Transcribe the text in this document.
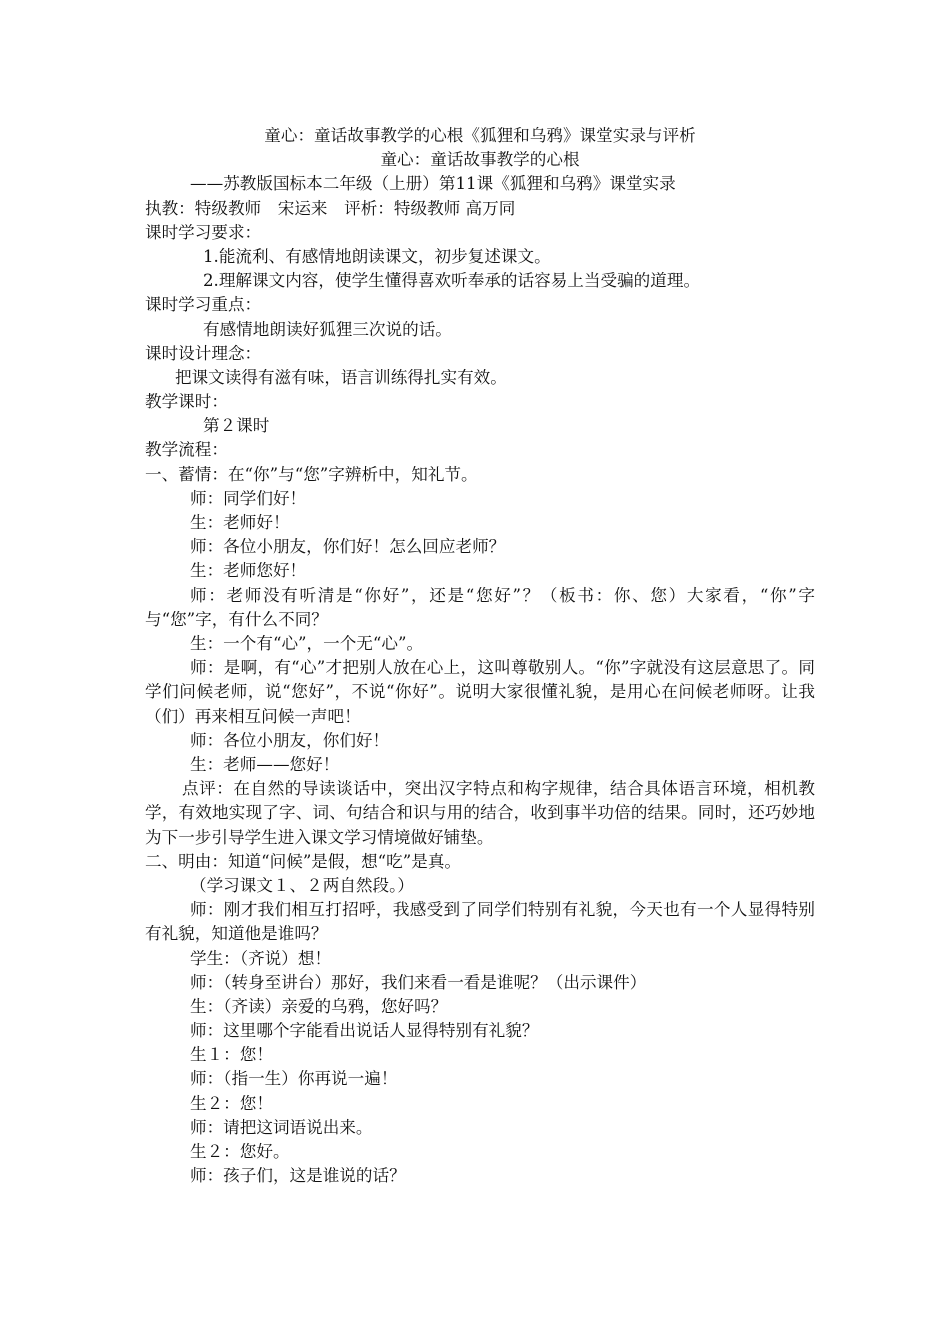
童心：童话故事教学的心根《狐狸和乌鸦》课堂实录与评析
童心：童话故事教学的心根
——苏教版国标本二年级（上册）第11课《狐狸和乌鸦》课堂实录
执教：特级教师　宋运来　评析：特级教师 高万同
课时学习要求：
1.能流利、有感情地朗读课文，初步复述课文。
2.理解课文内容，使学生懂得喜欢听奉承的话容易上当受骗的道理。
课时学习重点：
有感情地朗读好狐狸三次说的话。
课时设计理念：
把课文读得有滋有味，语言训练得扎实有效。
教学课时：
第２课时
教学流程：
一、蓄情：在“你”与“您”字辨析中，知礼节。
师：同学们好！
生：老师好！
师：各位小朋友，你们好！怎么回应老师？
生：老师您好！
师：老师没有听清是“你好”，还是“您好”？（板书：你、您）大家看，“你”字与“您”字，有什么不同？
生：一个有“心”，一个无“心”。
师：是啊，有“心”才把别人放在心上，这叫尊敬别人。“你”字就没有这层意思了。同学们问候老师，说“您好”，不说“你好”。说明大家很懂礼貌，是用心在问候老师呀。让我（们）再来相互问候一声吧！
师：各位小朋友，你们好！
生：老师——您好！
点评：在自然的导读谈话中，突出汉字特点和构字规律，结合具体语言环境，相机教学，有效地实现了字、词、句结合和识与用的结合，收到事半功倍的结果。同时，还巧妙地为下一步引导学生进入课文学习情境做好铺垫。
二、明由：知道“问候”是假，想“吃”是真。
（学习课文１、２两自然段。）
师：刚才我们相互打招呼，我感受到了同学们特别有礼貌，今天也有一个人显得特别有礼貌，知道他是谁吗？
学生：（齐说）想！
师：（转身至讲台）那好，我们来看一看是谁呢？（出示课件）
生：（齐读）亲爱的乌鸦，您好吗？
师：这里哪个字能看出说话人显得特别有礼貌？
生１：您！
师：（指一生）你再说一遍！
生２：您！
师：请把这词语说出来。
生２：您好。
师：孩子们，这是谁说的话？
